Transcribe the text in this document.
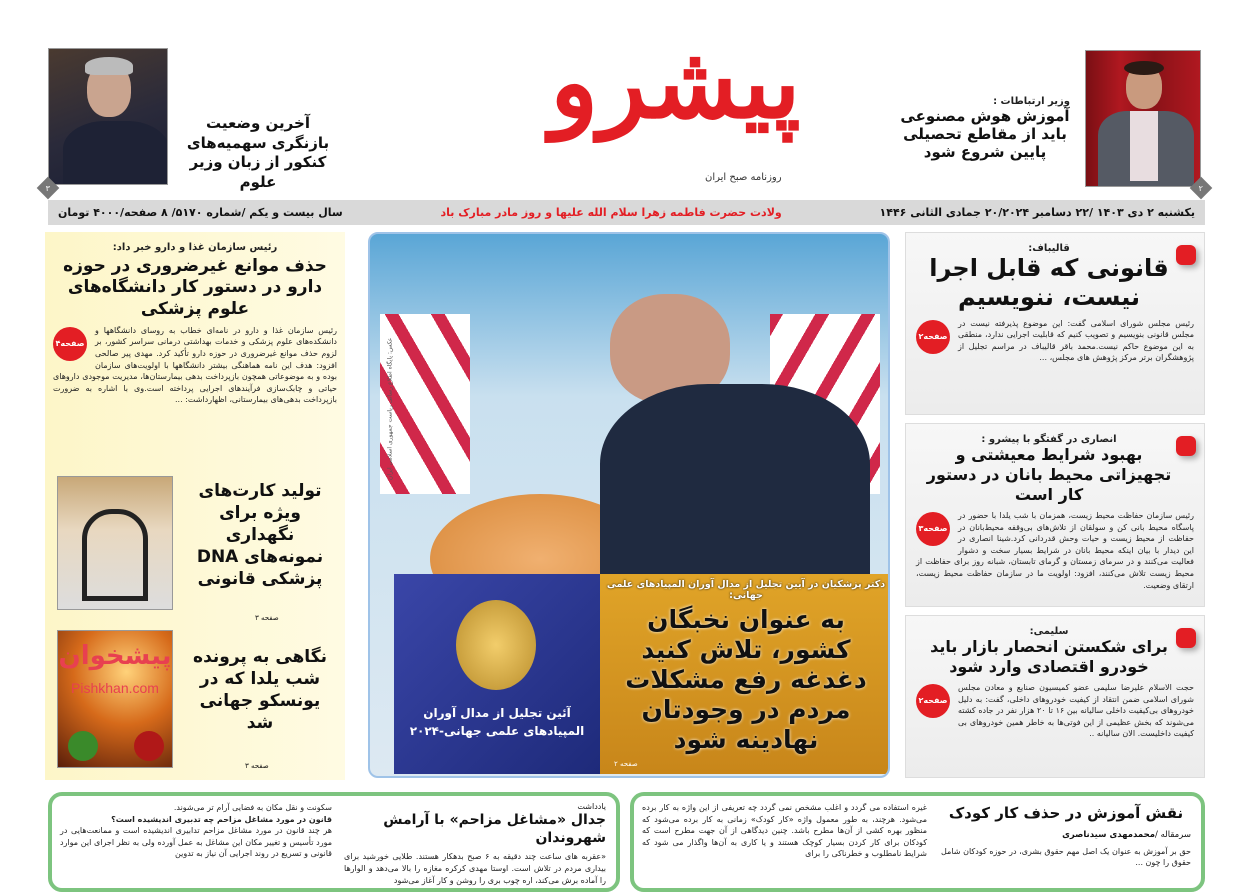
۳
آخرین وضعیت بازنگری سهمیه‌های کنکور از زبان وزیر علوم
پیشرو
روزنامه صبح ایران
وزیر ارتباطات :
آموزش هوش مصنوعی باید از مقاطع تحصیلی پایین شروع شود
۲
یکشنبه ۲ دی ۱۴۰۳ /۲۲ دسامبر ۲۰/۲۰۲۴ جمادی الثانی ۱۴۴۶
ولادت حضرت فاطمه زهرا سلام الله علیها و روز مادر مبارک باد
سال بیست و یکم /شماره ۵۱۷۰/ ۸ صفحه/۴۰۰۰ تومان
رئیس سازمان غذا و دارو خبر داد:
حذف موانع غیرضروری در حوزه دارو در دستور کار دانشگاه‌های علوم پزشکی
صفحه۴
رئیس سازمان غذا و دارو در نامه‌ای خطاب به روسای دانشگاهها و دانشکده‌های علوم پزشکی و خدمات بهداشتی درمانی سراسر کشور، بر لزوم حذف موانع غیرضروری در حوزه دارو تأکید کرد. مهدی پیر صالحی افزود: هدف این نامه هماهنگی بیشتر دانشگاهها با اولویت‌های سازمان بوده و به موضوعاتی همچون بازپرداخت بدهی بیمارستان‌ها، مدیریت موجودی داروهای حیاتی و چابک‌سازی فرآیندهای اجرایی پرداخته است.وی با اشاره به ضرورت بازپرداخت بدهی‌های بیمارستانی، اظهارداشت: ...
تولید کارت‌های ویژه برای نگهداری نمونه‌های DNA پزشکی قانونی
صفحه ۳
پیشخوان
Pishkhan.com
نگاهی به پرونده شب یلدا که در یونسکو جهانی شد
صفحه ۳
آئین تجلیل از مدال آوران المپیادهای علمی جهانی-۲۰۲۴
عکس: پایگاه اطلاع رسانی ریاست جمهوری اسلامی ایران
دکتر پزشکیان در آیین تجلیل از مدال آوران المپیادهای علمی جهانی:
به عنوان نخبگان کشور، تلاش کنید دغدغه رفع مشکلات مردم در وجودتان نهادینه شود
صفحه ۲
قالیباف:
قانونی که قابل اجرا نیست، ننویسیم
صفحه۲
رئیس مجلس شورای اسلامی گفت: این موضوع پذیرفته نیست در مجلس قانونی بنویسیم و تصویب کنیم که قابلیت اجرایی ندارد، منطقی به این موضوع حاکم نیست.محمد باقر قالیباف در مراسم تجلیل از پژوهشگران برتر مرکز پژوهش های مجلس، ...
انصاری در گفتگو با پیشرو :
بهبود شرایط معیشتی و تجهیزاتی محیط بانان در دستور کار است
صفحه۳
رئیس سازمان حفاظت محیط زیست، همزمان با شب یلدا با حضور در پاسگاه محیط بانی کن و سولقان از تلاش‌های بی‌وقفه محیط‌بانان در حفاظت از محیط زیست و حیات وحش قدردانی کرد.شینا انصاری در این دیدار با بیان اینکه محیط بانان در شرایط بسیار سخت و دشوار فعالیت می‌کنند و در سرمای زمستان و گرمای تابستان، شبانه روز برای حفاظت از محیط زیست تلاش می‌کنند، افزود: اولویت ما در سازمان حفاظت محیط زیست، ارتقای وضعیت.
سلیمی:
برای شکستن انحصار بازار باید خودرو اقتصادی وارد شود
صفحه۲
حجت الاسلام علیرضا سلیمی عضو کمیسیون صنایع و معادن مجلس شورای اسلامی ضمن انتقاد از کیفیت خودروهای داخلی، گفت: به دلیل خودروهای بی‌کیفیت داخلی سالیانه بین ۱۶ تا ۲۰ هزار نفر در جاده کشته می‌شوند که بخش عظیمی از این فوتی‌ها به خاطر همین خودروهای بی کیفیت داخلیست. الان سالیانه ..
یادداشت
جدال «مشاغل مزاحم» با آرامش شهروندان
«عقربه های ساعت چند دقیقه به ۶ صبح بدهکار هستند. طلایی خورشید برای بیداری مردم در تلاش است. اوستا مهدی کرکره مغازه را بالا می‌دهد و الوارها را آماده برش می‌کند، اره چوب بری را روشن و کار آغاز می‌شود
سکونت و نقل مکان به فضایی آرام تر می‌شوند.
قانون در مورد مشاغل مزاحم چه تدبیری اندیشیده است؟
هر چند قانون در مورد مشاغل مزاحم تدابیری اندیشیده است و ممانعت‌هایی در مورد تأسیس و تغییر مکان این مشاغل به عمل آورده ولی به نظر اجرای این موارد قانونی و تسریع در روند اجرایی آن نیاز به تدوین
نقش آموزش در حذف کار کودک
سرمقاله /محمدمهدی سیدناصری
حق بر آموزش به عنوان یک اصل مهم حقوق بشری، در حوزه کودکان شامل حقوق را چون ...
غیره استفاده می گردد و اغلب مشخص نمی گردد چه تعریفی از این واژه به کار برده می‌شود. هرچند، به طور معمول واژه «کار کودک» زمانی به کار برده می‌شود که منظور بهره کشی از آن‌ها مطرح باشد. چنین دیدگاهی از آن جهت مطرح است که کودکان برای کار کردن بسیار کوچک هستند و یا کاری به آن‌ها واگذار می شود که شرایط نامطلوب و خطرناکی را برای
